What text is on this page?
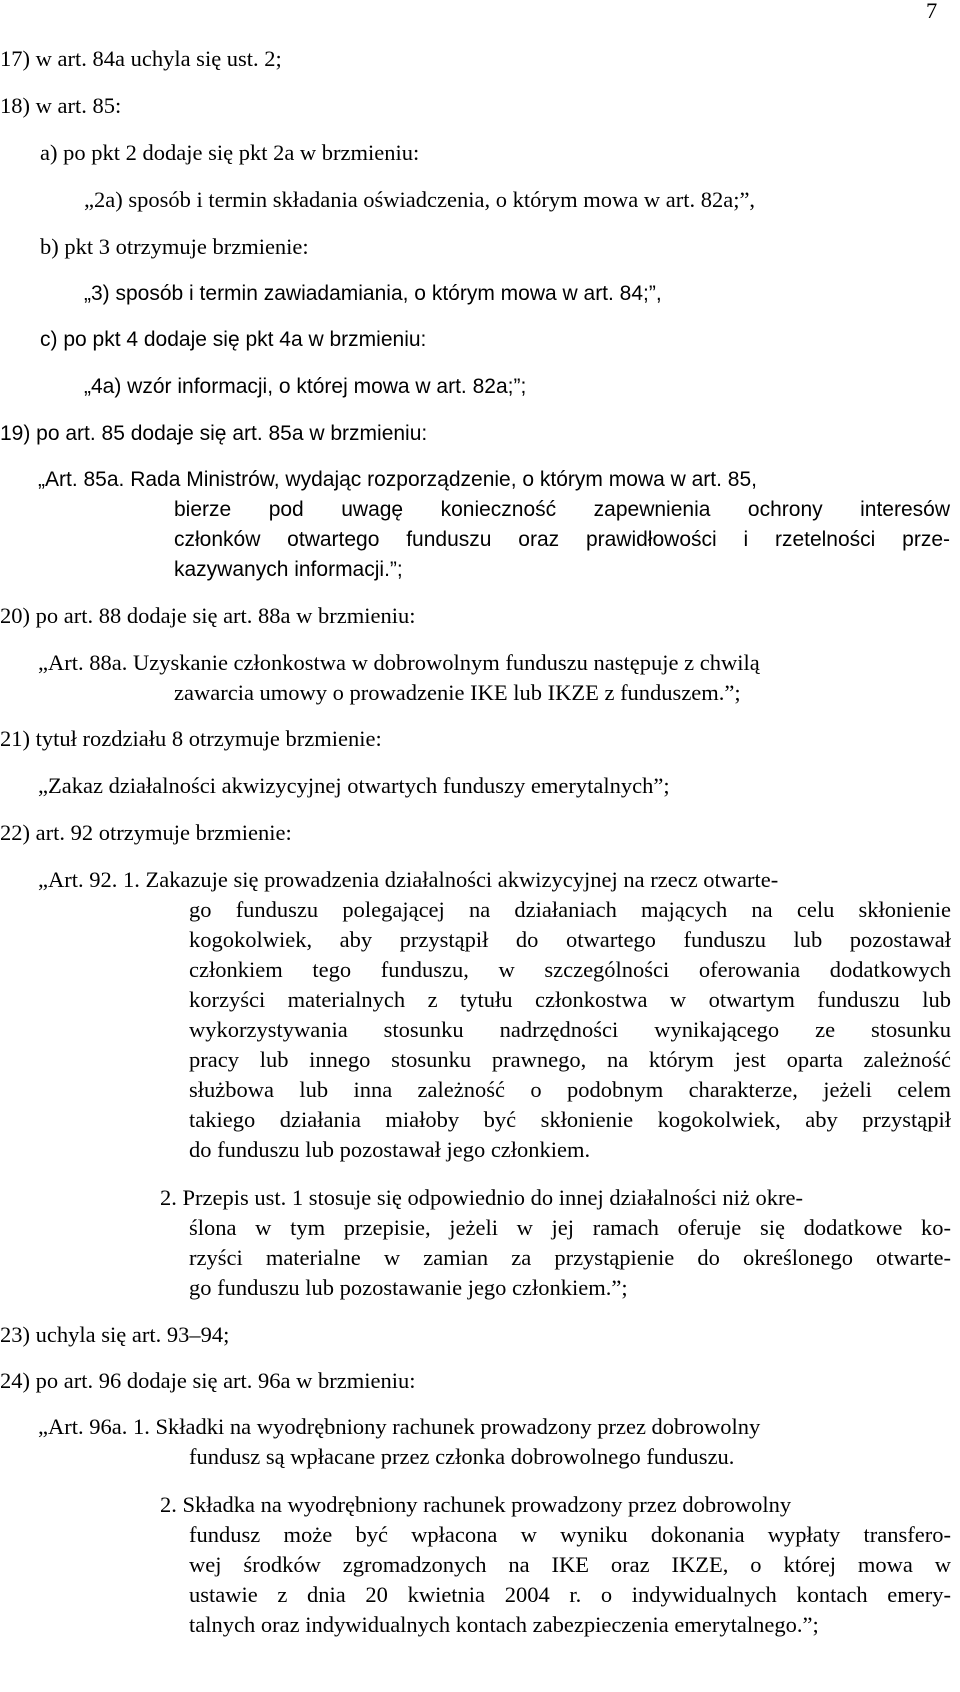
7
17) w art. 84a uchyla się ust. 2;
18) w art. 85:
a) po pkt 2 dodaje się pkt 2a w brzmieniu:
„2a) sposób i termin składania oświadczenia, o którym mowa w art. 82a;”,
b) pkt 3 otrzymuje brzmienie:
„3) sposób i termin zawiadamiania, o którym mowa w art. 84;”,
c) po pkt 4 dodaje się pkt 4a w brzmieniu:
„4a) wzór informacji, o której mowa w art. 82a;”;
19) po art. 85 dodaje się art. 85a w brzmieniu:
„Art. 85a. Rada Ministrów, wydając rozporządzenie, o którym mowa w art. 85,
bierze pod uwagę konieczność zapewnienia ochrony interesów
członków otwartego funduszu oraz prawidłowości i rzetelności prze-
kazywanych informacji.”;
20) po art. 88 dodaje się art. 88a w brzmieniu:
„Art. 88a. Uzyskanie członkostwa w dobrowolnym funduszu następuje z chwilą
zawarcia umowy o prowadzenie IKE lub IKZE z funduszem.”;
21) tytuł rozdziału 8 otrzymuje brzmienie:
„Zakaz działalności akwizycyjnej otwartych funduszy emerytalnych”;
22) art. 92 otrzymuje brzmienie:
„Art. 92. 1. Zakazuje się prowadzenia działalności akwizycyjnej na rzecz otwarte-
go funduszu polegającej na działaniach mających na celu skłonienie
kogokolwiek, aby przystąpił do otwartego funduszu lub pozostawał
członkiem tego funduszu, w szczególności oferowania dodatkowych
korzyści materialnych z tytułu członkostwa w otwartym funduszu lub
wykorzystywania stosunku nadrzędności wynikającego ze stosunku
pracy lub innego stosunku prawnego, na którym jest oparta zależność
służbowa lub inna zależność o podobnym charakterze, jeżeli celem
takiego działania miałoby być skłonienie kogokolwiek, aby przystąpił
do funduszu lub pozostawał jego członkiem.
2. Przepis ust. 1 stosuje się odpowiednio do innej działalności niż okre-
ślona w tym przepisie, jeżeli w jej ramach oferuje się dodatkowe ko-
rzyści materialne w zamian za przystąpienie do określonego otwarte-
go funduszu lub pozostawanie jego członkiem.”;
23) uchyla się art. 93–94;
24) po art. 96 dodaje się art. 96a w brzmieniu:
„Art. 96a. 1. Składki na wyodrębniony rachunek prowadzony przez dobrowolny
fundusz są wpłacane przez członka dobrowolnego funduszu.
2. Składka na wyodrębniony rachunek prowadzony przez dobrowolny
fundusz może być wpłacona w wyniku dokonania wypłaty transfero-
wej środków zgromadzonych na IKE oraz IKZE, o której mowa w
ustawie z dnia 20 kwietnia 2004 r. o indywidualnych kontach emery-
talnych oraz indywidualnych kontach zabezpieczenia emerytalnego.”;
